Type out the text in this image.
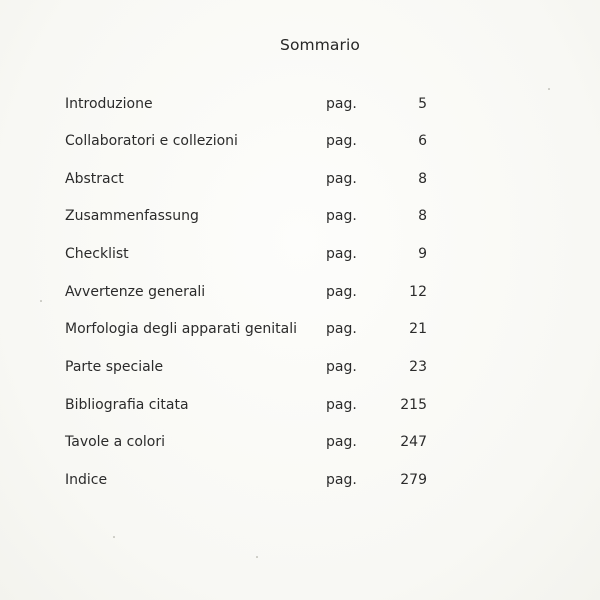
Sommario
Introduzione	pag.	5
Collaboratori e collezioni	pag.	6
Abstract	pag.	8
Zusammenfassung	pag.	8
Checklist	pag.	9
Avvertenze generali	pag.	12
Morfologia degli apparati genitali pag.	21
Parte speciale	pag.	23
Bibliografia citata	pag.	215
Tavole a colori	pag.	247
Indice	pag.	279
